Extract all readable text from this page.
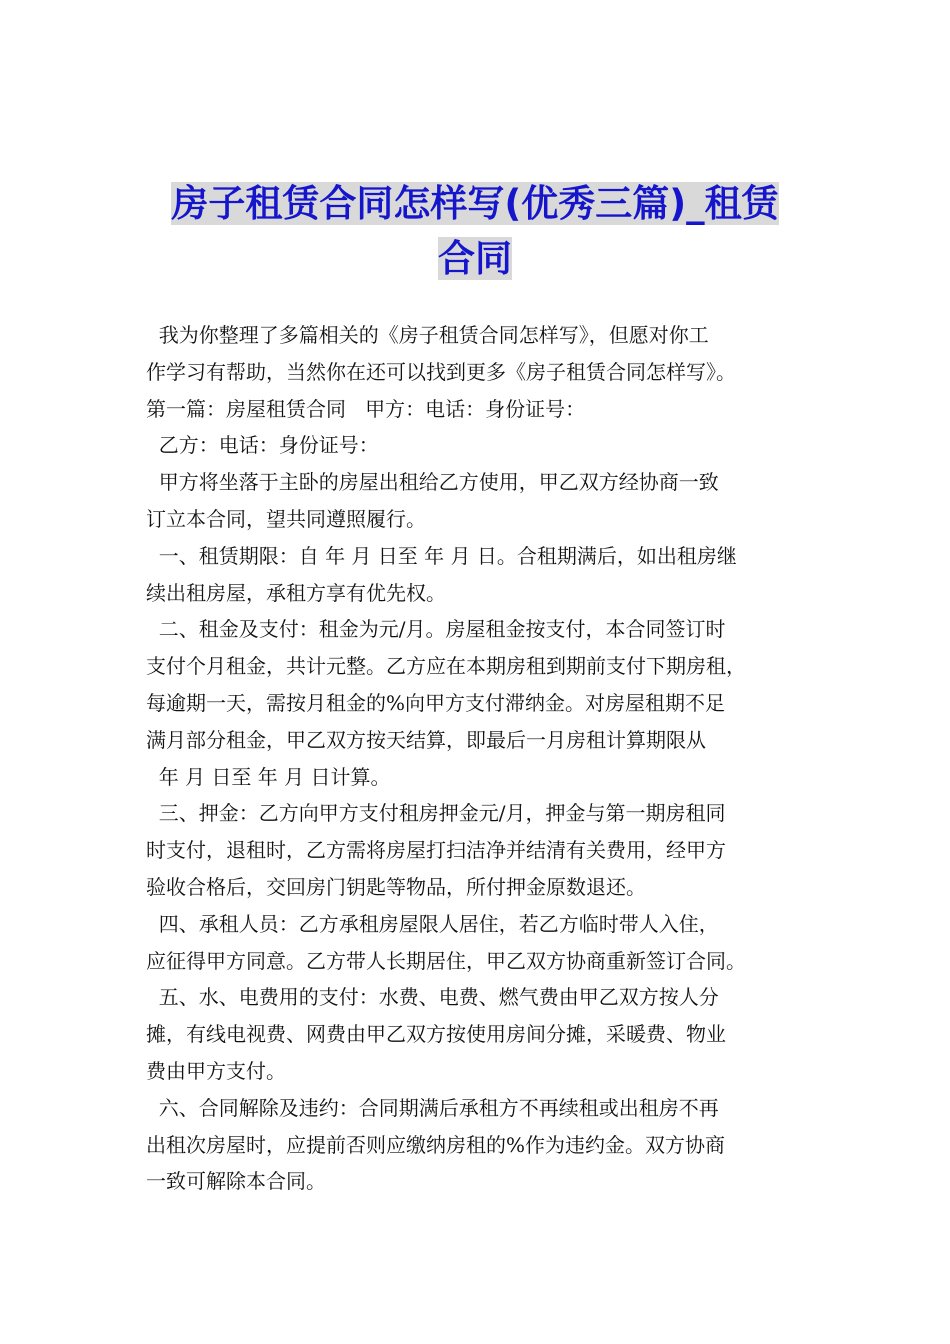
房子租赁合同怎样写(优秀三篇)_租赁
合同

我为你整理了多篇相关的《房子租赁合同怎样写》，但愿对你工

作学习有帮助，当然你在还可以找到更多《房子租赁合同怎样写》。

第一篇：房屋租赁合同   甲方：电话：身份证号：

乙方：电话：身份证号：

甲方将坐落于主卧的房屋出租给乙方使用，甲乙双方经协商一致

订立本合同，望共同遵照履行。

一、租赁期限：自 年 月 日至 年 月 日。合租期满后，如出租房继

续出租房屋，承租方享有优先权。

二、租金及支付：租金为元/月。房屋租金按支付，本合同签订时

支付个月租金，共计元整。乙方应在本期房租到期前支付下期房租，

每逾期一天，需按月租金的%向甲方支付滞纳金。对房屋租期不足

满月部分租金，甲乙双方按天结算，即最后一月房租计算期限从

年 月 日至 年 月 日计算。

三、押金：乙方向甲方支付租房押金元/月，押金与第一期房租同

时支付，退租时，乙方需将房屋打扫洁净并结清有关费用，经甲方

验收合格后，交回房门钥匙等物品，所付押金原数退还。

四、承租人员：乙方承租房屋限人居住，若乙方临时带人入住，

应征得甲方同意。乙方带人长期居住，甲乙双方协商重新签订合同。

五、水、电费用的支付：水费、电费、燃气费由甲乙双方按人分

摊，有线电视费、网费由甲乙双方按使用房间分摊，采暖费、物业

费由甲方支付。

六、合同解除及违约：合同期满后承租方不再续租或出租房不再

出租次房屋时，应提前否则应缴纳房租的%作为违约金。双方协商

一致可解除本合同。
